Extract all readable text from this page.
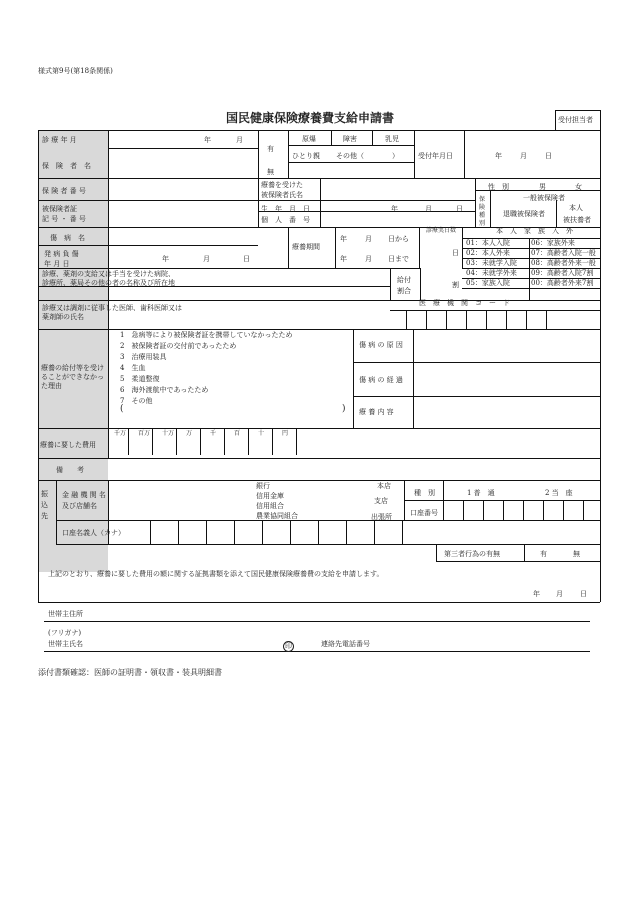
様式第9号(第18条関係)
国民健康保険療養費支給申請書	受付担当者
診 療 年 月	年	月
有
無
原爆	障害	乳児
ひとり親 その他（　　　　）	受付年月日	年	月	日
保　険　者　名
保 険 者 番 号
被保険者証
記 号 ・ 番 号
療養を受けた
被保険者氏名
生　年　月　日	年	月	日
個　人　番　号
性　別	男	女
保険種別
一般被保険者
退職被保険者
本人
被扶養者
傷　病　名
発 病 負 傷
年 月 日
年	月	日
療養期間
年	月 日から
年	月 日まで
診療実日数
日
本　人　家　族　入　外
01：本人入院	06：家族外来
02：本人外来	07：高齢者入院一般
03：未就学入院 08：高齢者外来一般
04：未就学外来 09：高齢者入院7割
05：家族入院	00：高齢者外来7割
診療、薬剤の支給又は手当を受けた病院、診療所、薬局その他の者の名称及び所在地	給付
割合
割
診療又は調剤に従事した医師、歯科医師又は薬剤師の氏名
医　療　機　関　コ　ー　ド
療養の給付等を受けることができなかった理由
1　急病等により被保険者証を携帯していなかったため
2　被保険者証の交付前であったため
3　治療用装具
4　生血
5　柔道整復
6　海外渡航中であったため
7　その他
(	)
傷 病 の 原 因
傷 病 の 経 過
療 養 内 容
療養に要した費用
千万 百万 十万 万	千	百	十	円
備　　考
振込先
金 融 機 関 名
及び店舗名
銀行
信用金庫
信用組合
農業協同組合
本店
支店
出張所
種　別	1 普　通	2 当　座
口座番号
口座名義人（カナ）
第三者行為の有無	有	無
上記のとおり、療養に要した費用の額に関する証拠書類を添えて国民健康保険療養費の支給を申請します。
年 月 日
世帯主住所
(フリガナ)
世帯主氏名	印	連絡先電話番号
添付書類確認：医師の証明書・領収書・装具明細書
